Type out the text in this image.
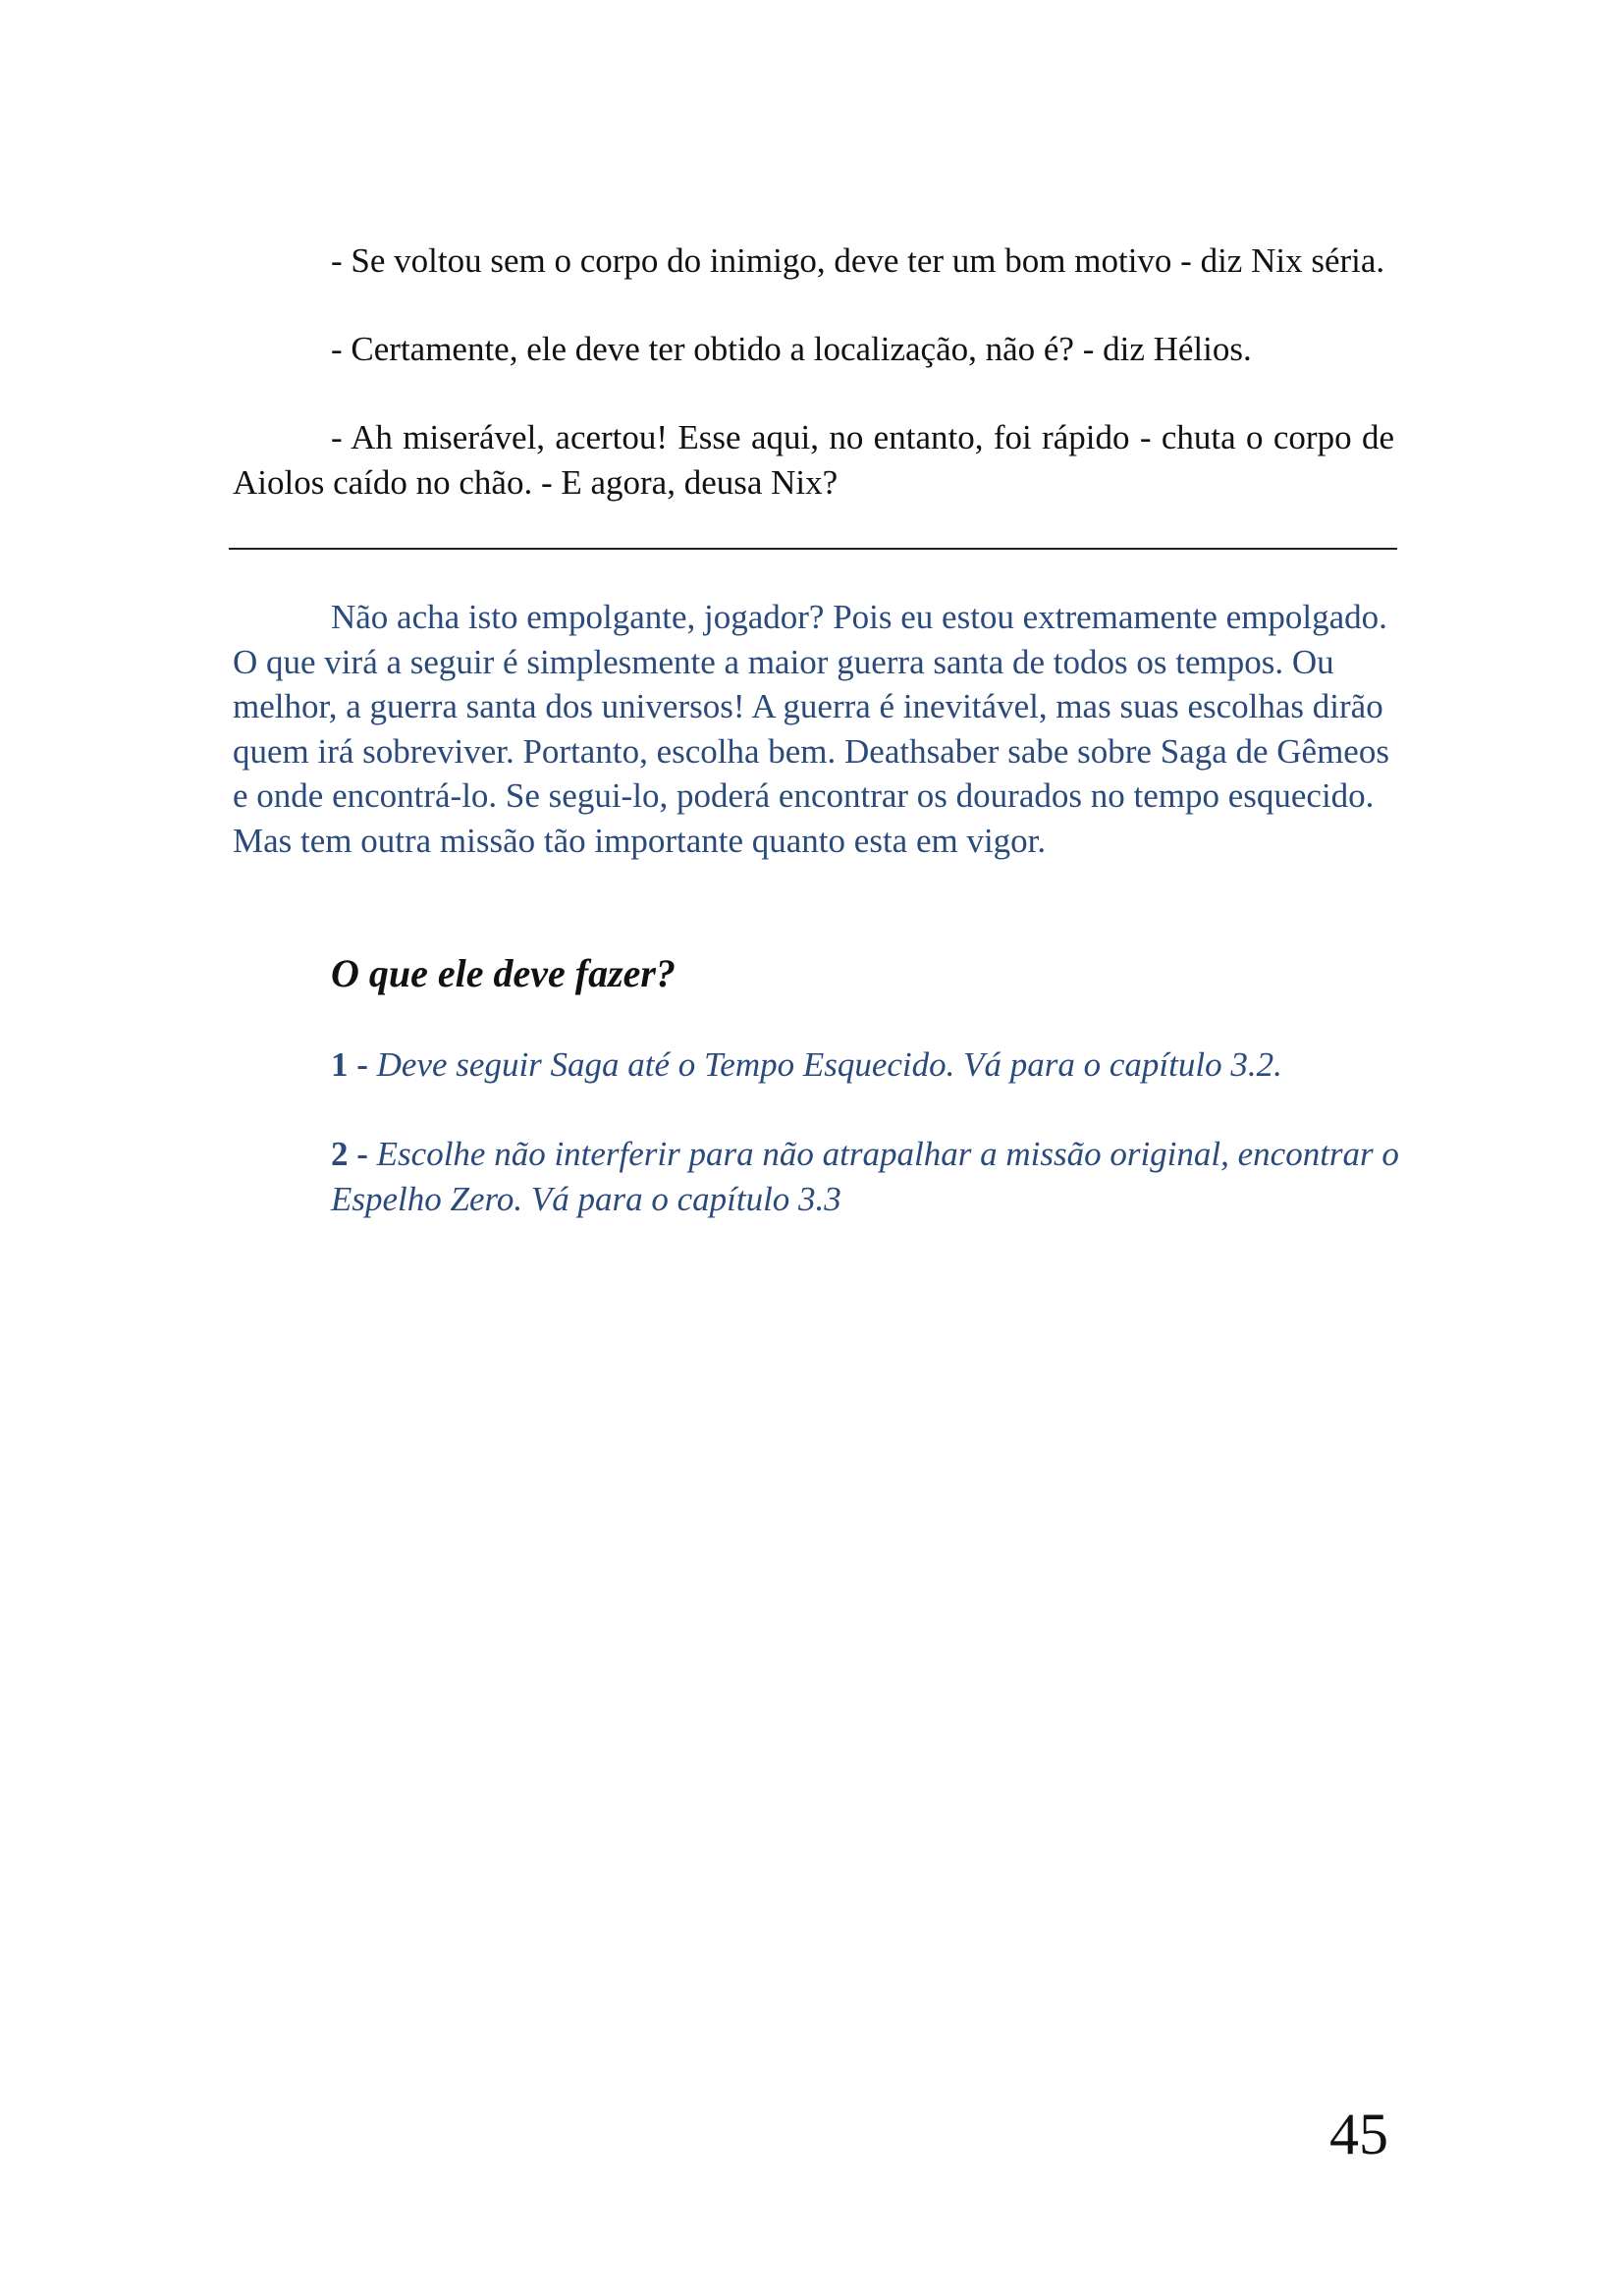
- Se voltou sem o corpo do inimigo, deve ter um bom motivo - diz Nix séria.

- Certamente, ele deve ter obtido a localização, não é? - diz Hélios.

- Ah miserável, acertou! Esse aqui, no entanto, foi rápido - chuta o corpo de Aiolos caído no chão. - E agora, deusa Nix?

Não acha isto empolgante, jogador? Pois eu estou extremamente empolgado. O que virá a seguir é simplesmente a maior guerra santa de todos os tempos. Ou melhor, a guerra santa dos universos! A guerra é inevitável, mas suas escolhas dirão quem irá sobreviver. Portanto, escolha bem. Deathsaber sabe sobre Saga de Gêmeos e onde encontrá-lo. Se segui-lo, poderá encontrar os dourados no tempo esquecido. Mas tem outra missão tão importante quanto esta em vigor.

O que ele deve fazer?
1 - Deve seguir Saga até o Tempo Esquecido. Vá para o capítulo 3.2.
2 - Escolhe não interferir para não atrapalhar a missão original, encontrar o Espelho Zero. Vá para o capítulo 3.3
45
